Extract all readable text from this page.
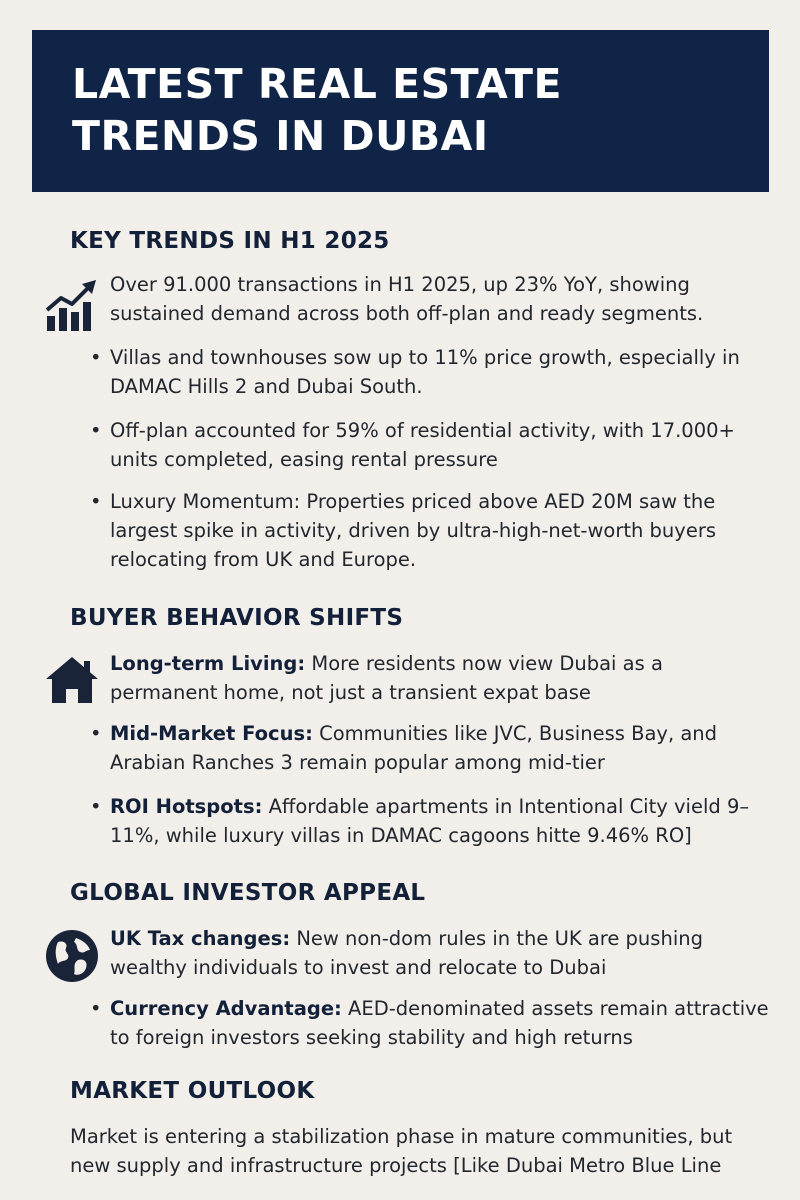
LATEST REAL ESTATE TRENDS IN DUBAI
KEY TRENDS IN H1 2025
Over 91.000 transactions in H1 2025, up 23% YoY, showing sustained demand across both off-plan and ready segments.
• Villas and townhouses sow up to 11% price growth, especially in DAMAC Hills 2 and Dubai South.
• Off-plan accounted for 59% of residential activity, with 17.000+ units completed, easing rental pressure
• Luxury Momentum: Properties priced above AED 20M saw the largest spike in activity, driven by ultra-high-net-worth buyers relocating from UK and Europe.
BUYER BEHAVIOR SHIFTS
Long-term Living: More residents now view Dubai as a permanent home, not just a transient expat base
• Mid-Market Focus: Communities like JVC, Business Bay, and Arabian Ranches 3 remain popular among mid-tier
• ROI Hotspots: Affordable apartments in Intentional City vield 9–11%, while luxury villas in DAMAC cagoons hitte 9.46% RO]
GLOBAL INVESTOR APPEAL
UK Tax changes: New non-dom rules in the UK are pushing wealthy individuals to invest and relocate to Dubai
• Currency Advantage: AED-denominated assets remain attractive to foreign investors seeking stability and high returns
MARKET OUTLOOK
Market is entering a stabilization phase in mature communities, but new supply and infrastructure projects [Like Dubai Metro Blue Line
